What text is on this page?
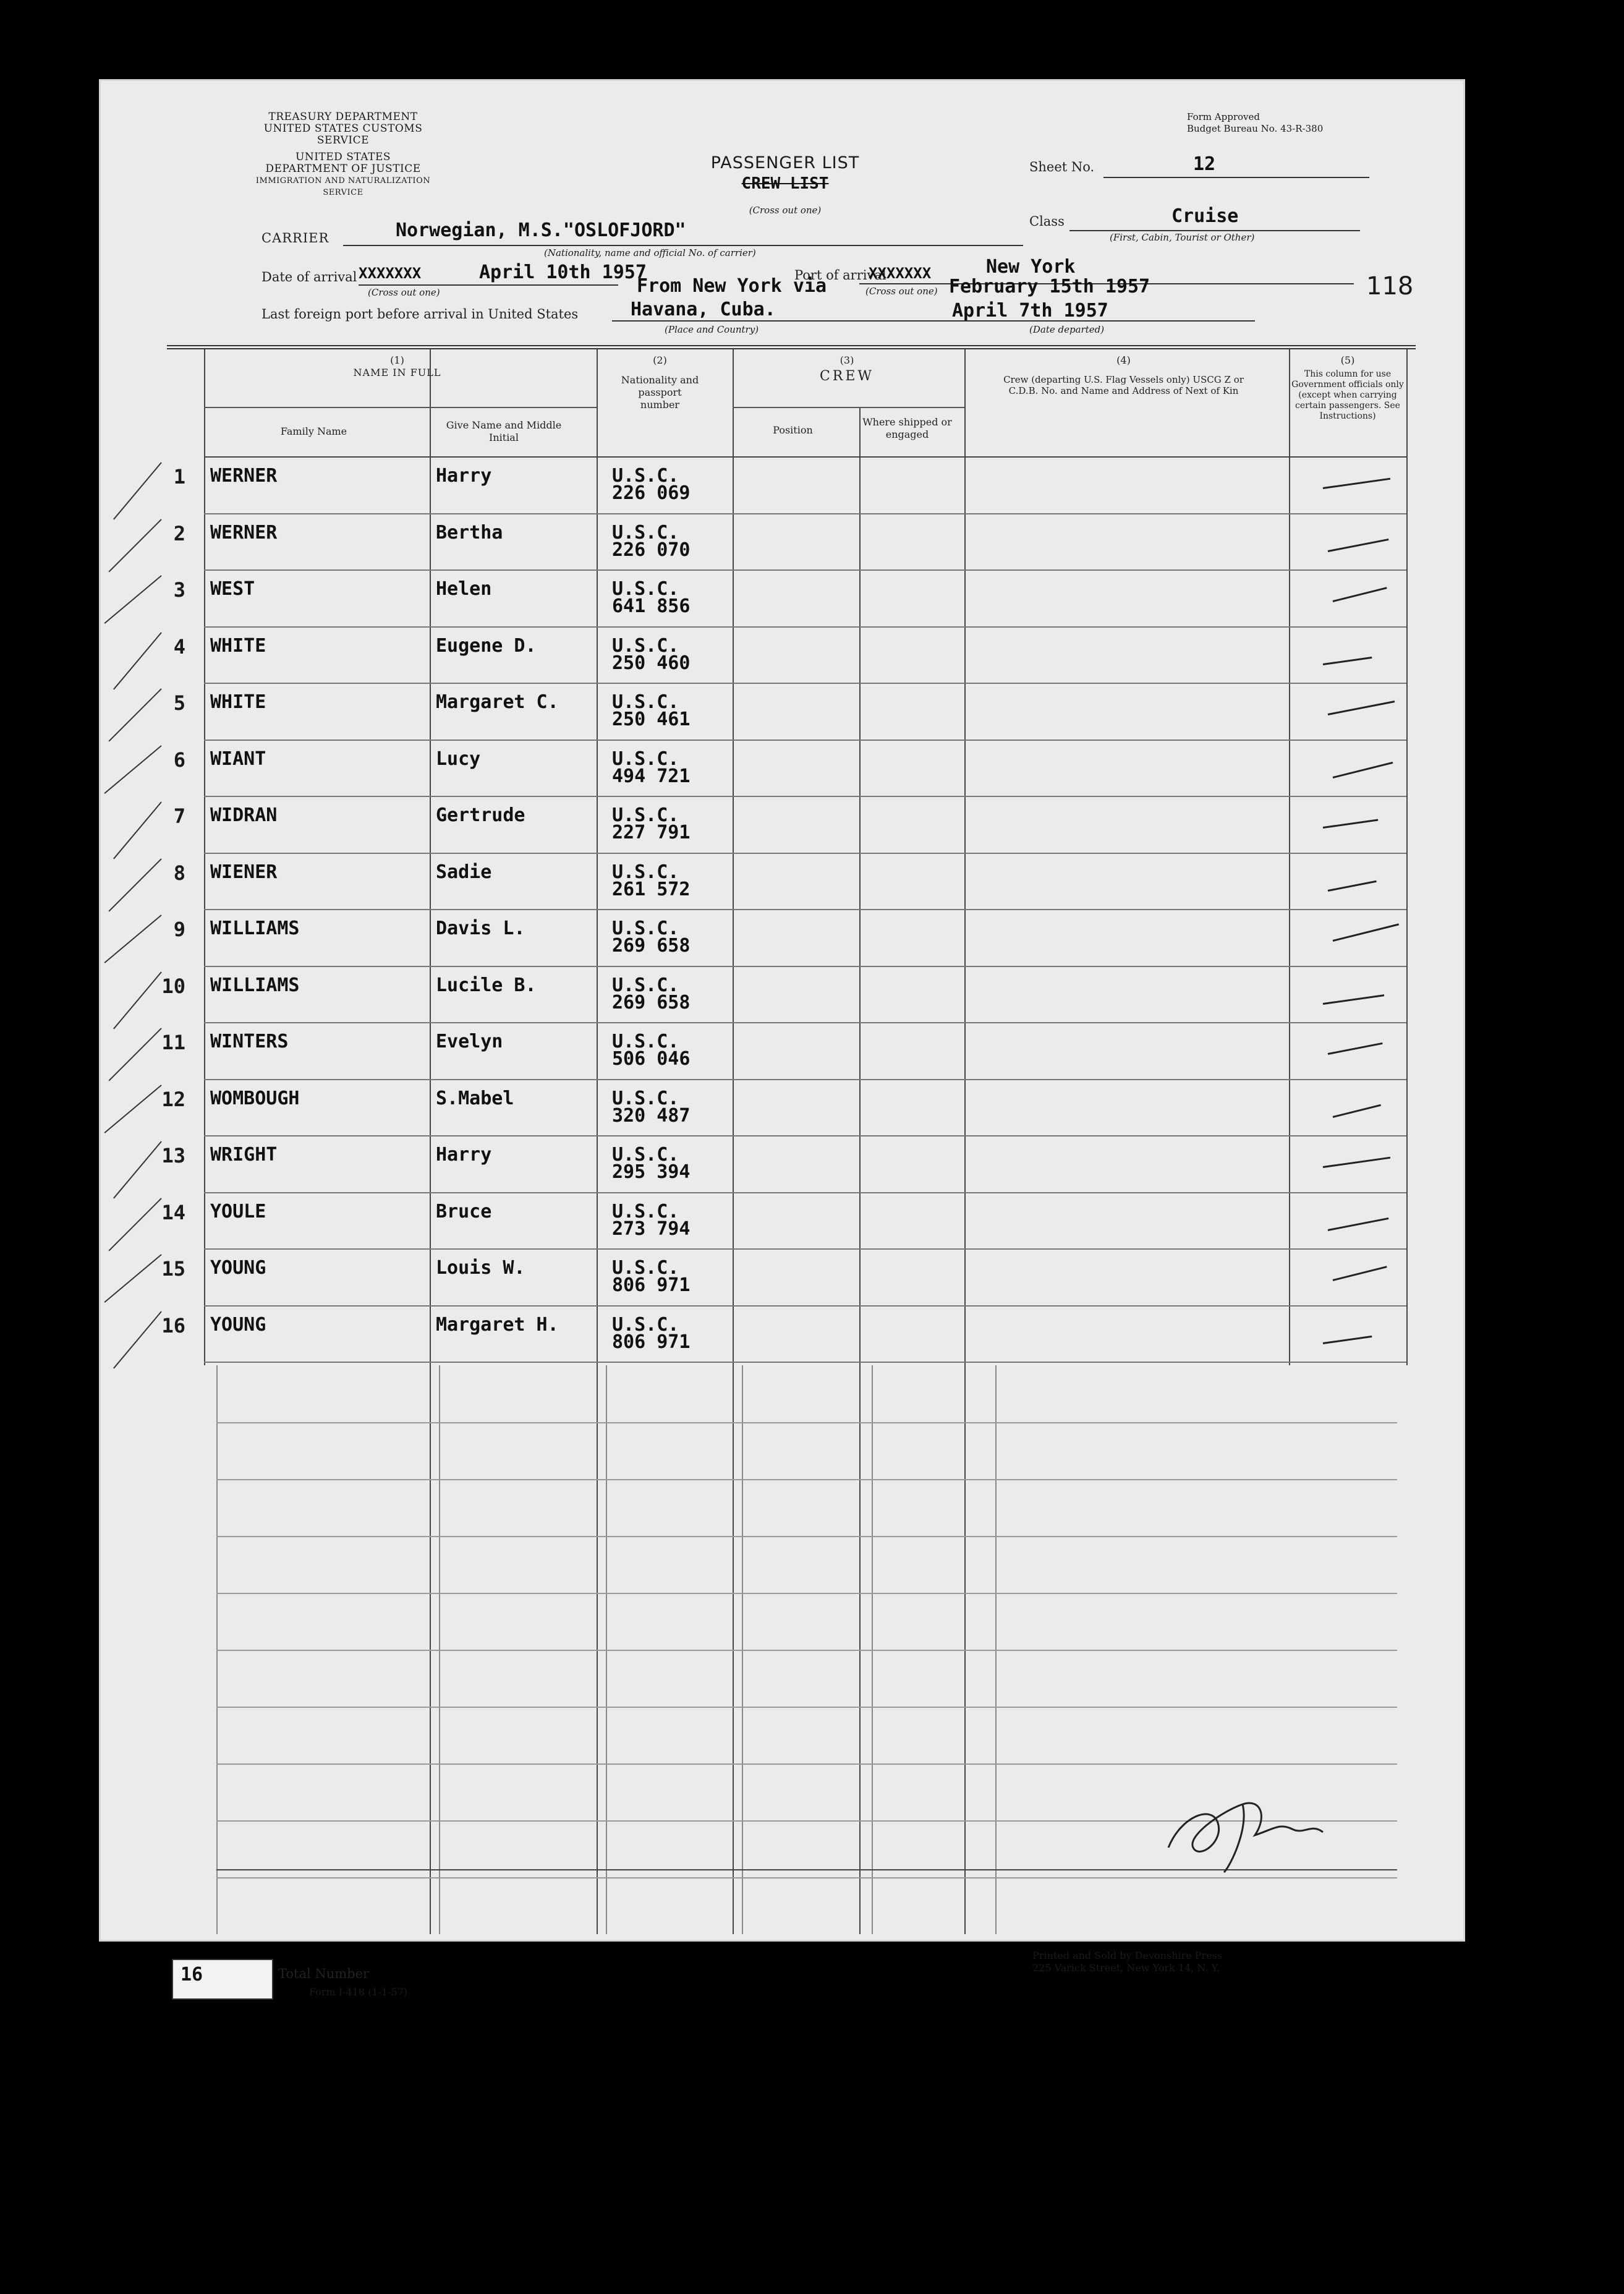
TREASURY DEPARTMENT
UNITED STATES CUSTOMS SERVICE
UNITED STATES DEPARTMENT OF JUSTICE
IMMIGRATION AND NATURALIZATION SERVICE
Form Approved
Budget Bureau No. 43-R-380
PASSENGER LIST
CREW LIST
(Cross out one)
Sheet No.	12
Class	Cruise
(First, Cabin, Tourist or Other)
CARRIER	Norwegian, M.S."OSLOFJORD"
(Nationality, name and official No. of carrier)
Date of arrival XXXXXXX	April 10th 1957
(Cross out one)
Port of arrival
XXXXXXX
From New York via
New York
February 15th 1957
(Cross out one)	118
Last foreign port before arrival in United States	Havana, Cuba.
(Place and Country)
April 7th 1957
(Date departed)
(1)
NAME IN FULL
Family Name
Give Name and Middle Initial
(2)
Nationality and passport number
(3)
CREW
Position
Where shipped or engaged
(4)
Crew (departing U.S. Flag Vessels only) USCG Z or C.D.B. No. and Name and Address of Next of Kin
(5)
This column for use Government officials only (except when carrying certain passengers. See Instructions)
1 WERNER	Harry	U.S.C.
226 069
2 WERNER	Bertha	U.S.C.
226 070
3 WEST	Helen	U.S.C.
641 856
4 WHITE	Eugene D.	U.S.C.
250 460
5 WHITE	Margaret C.	U.S.C.
250 461
6 WIANT	Lucy	U.S.C.
494 721
7 WIDRAN	Gertrude	U.S.C.
227 791
8 WIENER	Sadie	U.S.C.
261 572
9 WILLIAMS	Davis L.	U.S.C.
269 658
10 WILLIAMS	Lucile B.	U.S.C.
269 658
11 WINTERS	Evelyn	U.S.C.
506 046
12 WOMBOUGH	S.Mabel	U.S.C.
320 487
13 WRIGHT	Harry	U.S.C.
295 394
14 YOULE	Bruce	U.S.C.
273 794
15 YOUNG	Louis W.	U.S.C.
806 971
16 YOUNG	Margaret H.	U.S.C.
806 971
16	Total Number
Form I-418 (1-1-57)
Printed and Sold by Devonshire Press
225 Varick Street, New York 14, N. Y.
